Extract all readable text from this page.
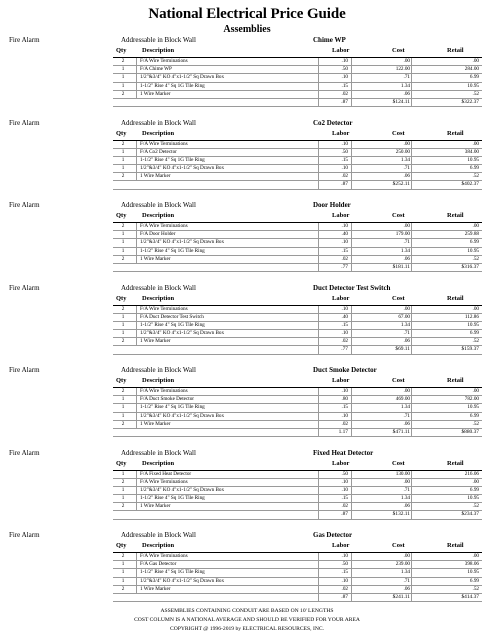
National Electrical Price Guide
Assemblies
Fire Alarm	Addressable in Block Wall	Chime WP
Qty Description	Labor	Cost	Retail
2	F/A Wire Terminations	.10	.00	.00
1	F/A Chime WP	.50	122.00	284.00
1	1/2"&3/4" KO 4"x1-1/2" Sq Drawn Box	.10	.71	6.99
1	1-1/2" Rise 4" Sq 1G Tile Ring	.15	1.34	10.95
2	1 Wire Marker	.02	.06	.52
.87	$124.11	$322.37
Fire Alarm	Addressable in Block Wall	Co2 Detector
Qty Description	Labor	Cost	Retail
2	F/A Wire Terminations	.10	.00	.00
1	F/A Co2 Detector	.50	250.00	384.00
1	1-1/2" Rise 4" Sq 1G Tile Ring	.15	1.34	10.95
1	1/2"&3/4" KO 4"x1-1/2" Sq Drawn Box	.10	.71	6.99
2	1 Wire Marker	.02	.06	.52
.87	$252.11	$402.37
Fire Alarm	Addressable in Block Wall	Door Holder
Qty Description	Labor	Cost	Retail
2	F/A Wire Terminations	.10	.00	.00
1	F/A Door Holder	.40	179.00	259.88
1	1/2"&3/4" KO 4"x1-1/2" Sq Drawn Box	.10	.71	6.99
1	1-1/2" Rise 4" Sq 1G Tile Ring	.15	1.34	10.95
2	1 Wire Marker	.02	.06	.52
.77	$181.11	$316.37
Fire Alarm	Addressable in Block Wall	Duct Detector Test Switch
Qty Description	Labor	Cost	Retail
2	F/A Wire Terminations	.10	.00	.00
1	F/A Duct Detector Test Switch	.40	67.00	112.86
1	1-1/2" Rise 4" Sq 1G Tile Ring	.15	1.34	10.95
1	1/2"&3/4" KO 4"x1-1/2" Sq Drawn Box	.10	.71	6.99
2	1 Wire Marker	.02	.06	.52
.77	$69.11	$159.37
Fire Alarm	Addressable in Block Wall	Duct Smoke Detector
Qty Description	Labor	Cost	Retail
2	F/A Wire Terminations	.10	.00	.00
1	F/A Duct Smoke Detector	.80	469.00	782.00
1	1-1/2" Rise 4" Sq 1G Tile Ring	.15	1.34	10.95
1	1/2"&3/4" KO 4"x1-1/2" Sq Drawn Box	.10	.71	6.99
2	1 Wire Marker	.02	.06	.52
1.17	$471.11	$880.37
Fire Alarm	Addressable in Block Wall	Fixed Heat Detector
Qty Description	Labor	Cost	Retail
1	F/A Fixed Heat Detector	.50	130.00	216.06
2	F/A Wire Terminations	.10	.00	.00
1	1/2"&3/4" KO 4"x1-1/2" Sq Drawn Box	.10	.71	6.99
1	1-1/2" Rise 4" Sq 1G Tile Ring	.15	1.34	10.95
2	1 Wire Marker	.02	.06	.52
.87	$132.11	$234.37
Fire Alarm	Addressable in Block Wall	Gas Detector
Qty Description	Labor	Cost	Retail
2	F/A Wire Terminations	.10	.00	.00
1	F/A Gas Detector	.50	239.00	398.06
1	1-1/2" Rise 4" Sq 1G Tile Ring	.15	1.34	10.95
1	1/2"&3/4" KO 4"x1-1/2" Sq Drawn Box	.10	.71	6.99
2	1 Wire Marker	.02	.06	.52
.87	$241.11	$414.37
ASSEMBLIES CONTAINING CONDUIT ARE BASED ON 10' LENGTHS
COST COLUMN IS A NATIONAL AVERAGE AND SHOULD BE VERIFIED FOR YOUR AREA
COPYRIGHT @ 1996-2019 by ELECTRICAL RESOURCES, INC.
